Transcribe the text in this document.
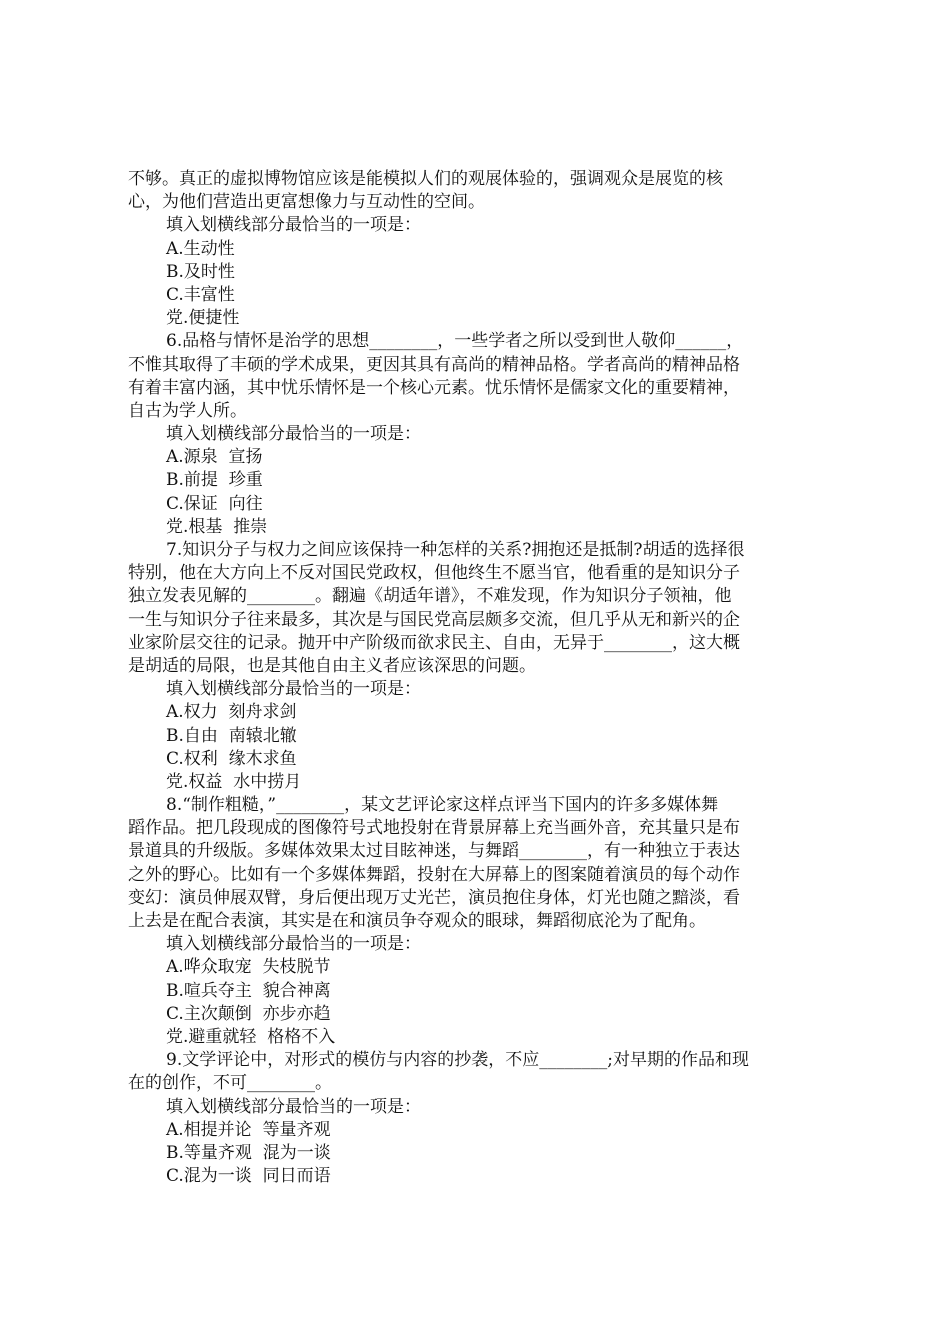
不够。真正的虚拟博物馆应该是能模拟人们的观展体验的，强调观众是展览的核
心，为他们营造出更富想像力与互动性的空间。
填入划横线部分最恰当的一项是：
A.生动性
B.及时性
C.丰富性
党.便捷性
6.品格与情怀是治学的思想________，一些学者之所以受到世人敬仰______，
不惟其取得了丰硕的学术成果，更因其具有高尚的精神品格。学者高尚的精神品格
有着丰富内涵，其中忧乐情怀是一个核心元素。忧乐情怀是儒家文化的重要精神，
自古为学人所。
填入划横线部分最恰当的一项是：
A.源泉  宣扬
B.前提  珍重
C.保证  向往
党.根基  推崇
7.知识分子与权力之间应该保持一种怎样的关系?拥抱还是抵制?胡适的选择很
特别，他在大方向上不反对国民党政权，但他终生不愿当官，他看重的是知识分子
独立发表见解的________。翻遍《胡适年谱》，不难发现，作为知识分子领袖，他
一生与知识分子往来最多，其次是与国民党高层颇多交流，但几乎从无和新兴的企
业家阶层交往的记录。抛开中产阶级而欲求民主、自由，无异于________，这大概
是胡适的局限，也是其他自由主义者应该深思的问题。
填入划横线部分最恰当的一项是：
A.权力  刻舟求剑
B.自由  南辕北辙
C.权利  缘木求鱼
党.权益  水中捞月
8.“制作粗糙，”________，某文艺评论家这样点评当下国内的许多多媒体舞
蹈作品。把几段现成的图像符号式地投射在背景屏幕上充当画外音，充其量只是布
景道具的升级版。多媒体效果太过目眩神迷，与舞蹈________，有一种独立于表达
之外的野心。比如有一个多媒体舞蹈，投射在大屏幕上的图案随着演员的每个动作
变幻：演员伸展双臂，身后便出现万丈光芒，演员抱住身体，灯光也随之黯淡，看
上去是在配合表演，其实是在和演员争夺观众的眼球，舞蹈彻底沦为了配角。
填入划横线部分最恰当的一项是：
A.哗众取宠  失枝脱节
B.喧兵夺主  貌合神离
C.主次颠倒  亦步亦趋
党.避重就轻  格格不入
9.文学评论中，对形式的模仿与内容的抄袭，不应________;对早期的作品和现
在的创作，不可________。
填入划横线部分最恰当的一项是：
A.相提并论  等量齐观
B.等量齐观  混为一谈
C.混为一谈  同日而语
